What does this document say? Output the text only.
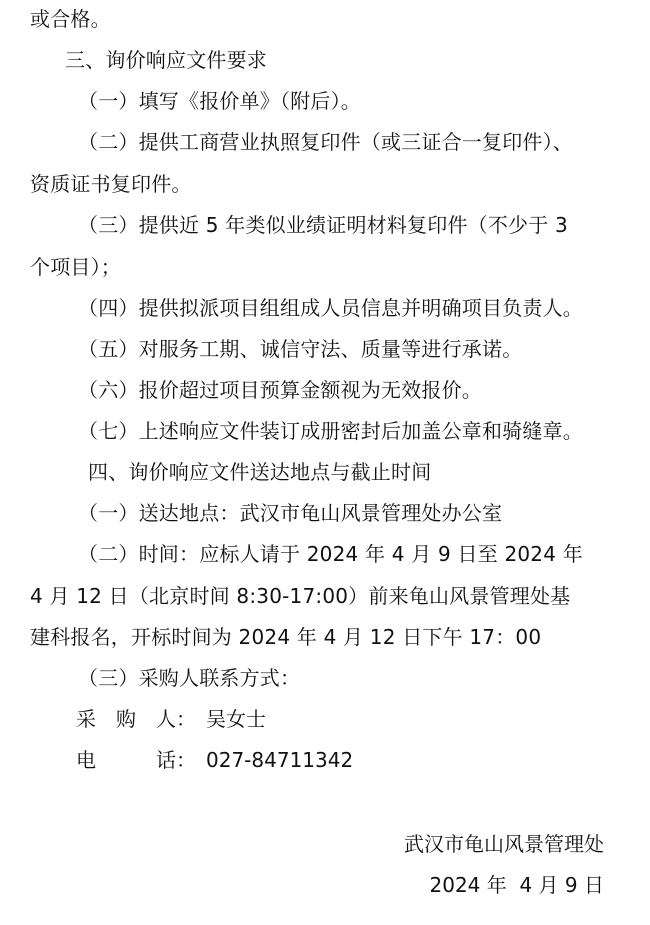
或合格。
三、询价响应文件要求
（一）填写《报价单》（附后）。
（二）提供工商营业执照复印件（或三证合一复印件）、
资质证书复印件。
（三）提供近 5 年类似业绩证明材料复印件（不少于 3
个项目）；
（四）提供拟派项目组组成人员信息并明确项目负责人。
（五）对服务工期、诚信守法、质量等进行承诺。
（六）报价超过项目预算金额视为无效报价。
（七）上述响应文件装订成册密封后加盖公章和骑缝章。
四、询价响应文件送达地点与截止时间
（一）送达地点：武汉市龟山风景管理处办公室
（二）时间：应标人请于 2024 年 4 月 9 日至 2024 年
4 月 12 日（北京时间 8:30-17:00）前来龟山风景管理处基
建科报名，开标时间为 2024 年 4 月 12 日下午 17：00
（三）采购人联系方式：
采　购　人： 吴女士
电　　　话： 027-84711342
武汉市龟山风景管理处
2024 年  4 月 9 日
